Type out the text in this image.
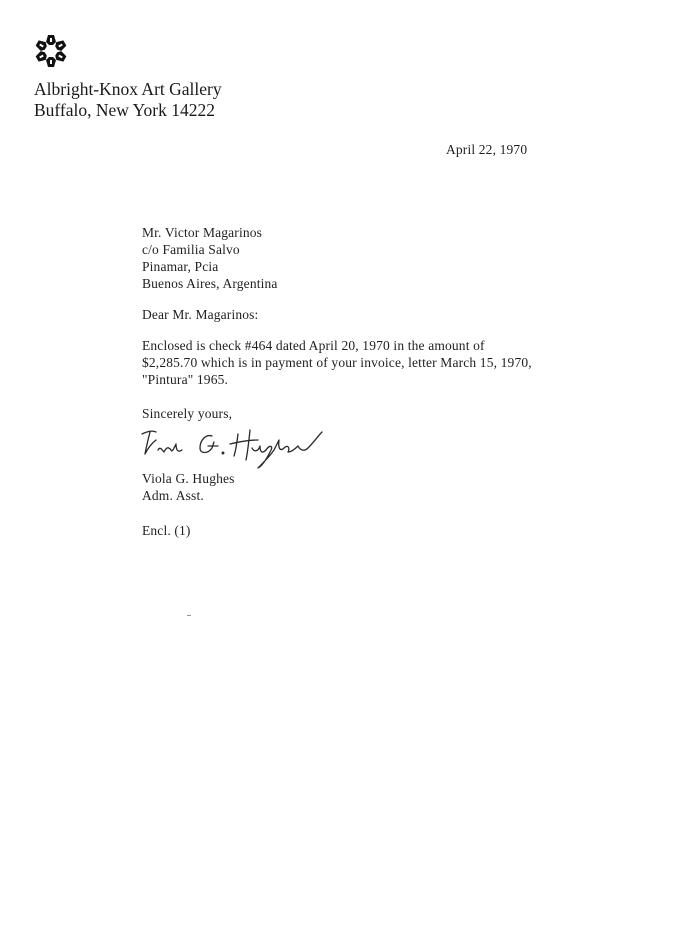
Albright-Knox Art Gallery
Buffalo, New York 14222
April 22, 1970
Mr. Victor Magarinos
c/o Familia Salvo
Pinamar, Pcia
Buenos Aires, Argentina
Dear Mr. Magarinos:
Enclosed is check #464 dated April 20, 1970 in the amount of
$2,285.70 which is in payment of your invoice, letter March 15, 1970,
"Pintura" 1965.
Sincerely yours,
Viola G. Hughes
Adm. Asst.
Encl. (1)
